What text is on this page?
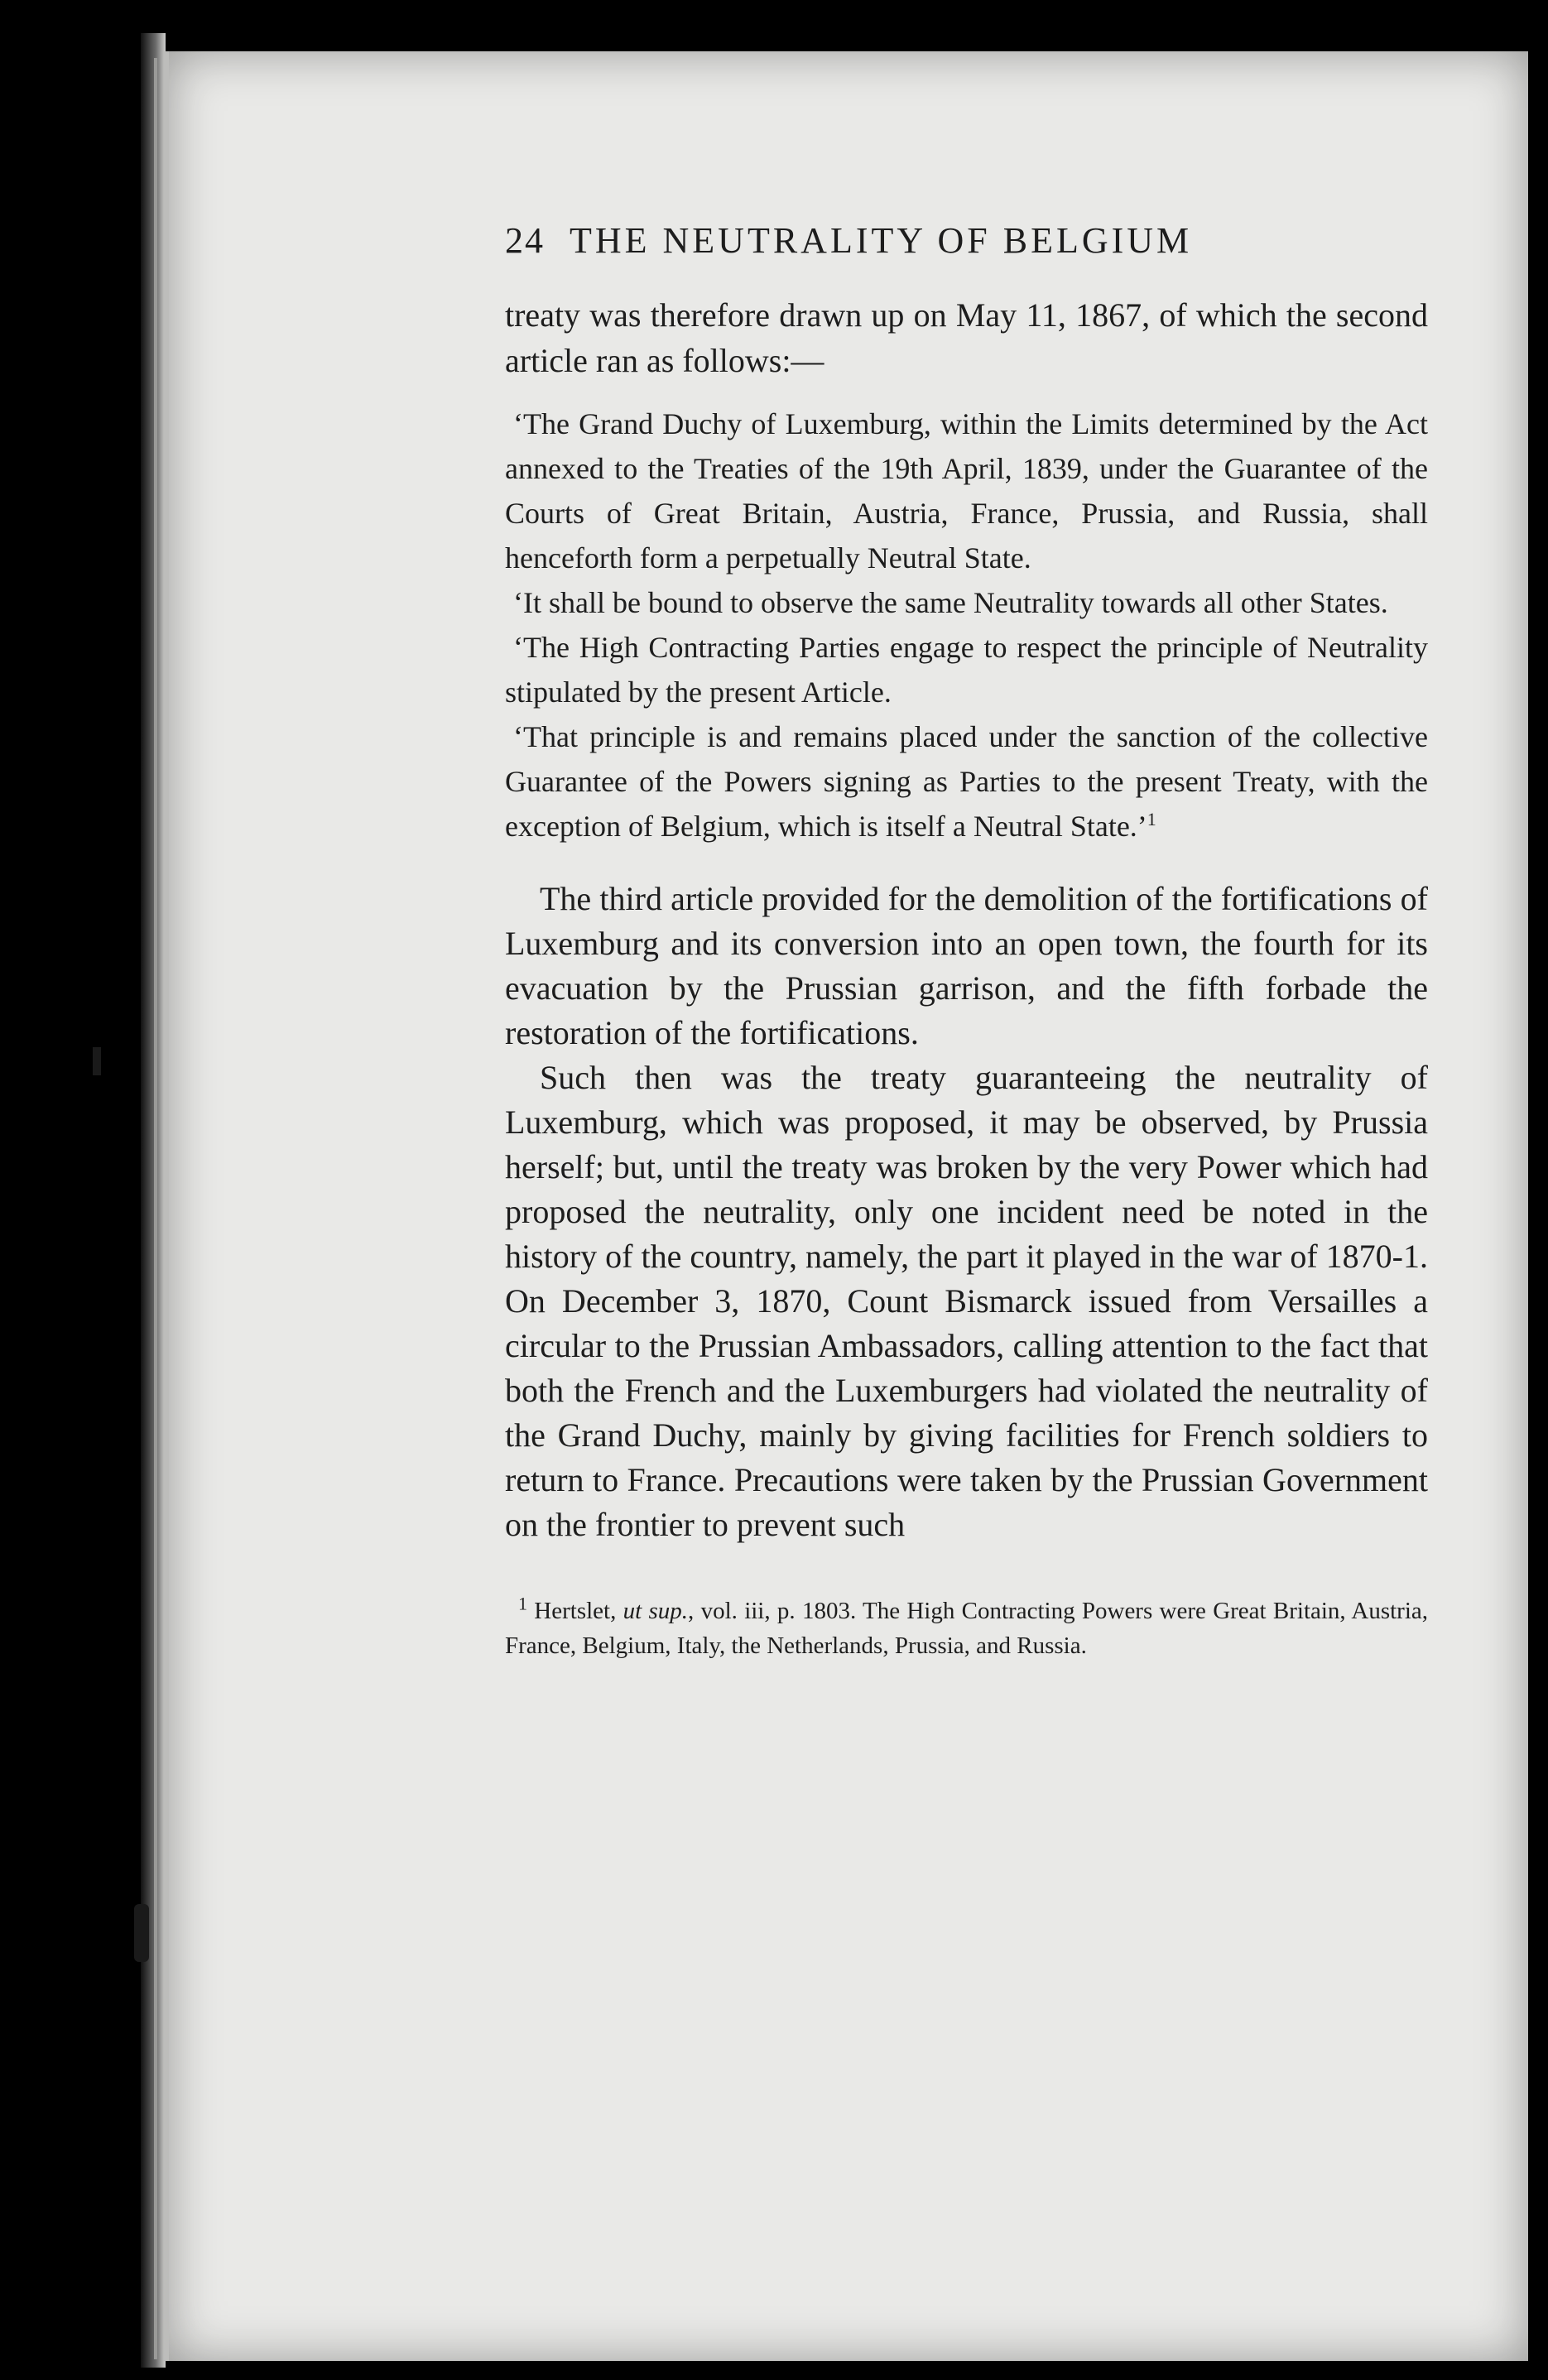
24 THE NEUTRALITY OF BELGIUM

treaty was therefore drawn up on May 11, 1867, of which the second article ran as follows:—

‘The Grand Duchy of Luxemburg, within the Limits determined by the Act annexed to the Treaties of the 19th April, 1839, under the Guarantee of the Courts of Great Britain, Austria, France, Prussia, and Russia, shall henceforth form a perpetually Neutral State.

‘It shall be bound to observe the same Neutrality towards all other States.

‘The High Contracting Parties engage to respect the principle of Neutrality stipulated by the present Article.

‘That principle is and remains placed under the sanction of the collective Guarantee of the Powers signing as Parties to the present Treaty, with the exception of Belgium, which is itself a Neutral State.’$^1$

The third article provided for the demolition of the fortifications of Luxemburg and its conversion into an open town, the fourth for its evacuation by the Prussian garrison, and the fifth forbade the restoration of the fortifications.

Such then was the treaty guaranteeing the neutrality of Luxemburg, which was proposed, it may be observed, by Prussia herself; but, until the treaty was broken by the very Power which had proposed the neutrality, only one incident need be noted in the history of the country, namely, the part it played in the war of 1870-1. On December 3, 1870, Count Bismarck issued from Versailles a circular to the Prussian Ambassadors, calling attention to the fact that both the French and the Luxemburgers had violated the neutrality of the Grand Duchy, mainly by giving facilities for French soldiers to return to France. Precautions were taken by the Prussian Government on the frontier to prevent such

$^1$ Hertslet, ut sup., vol. iii, p. 1803. The High Contracting Powers were Great Britain, Austria, France, Belgium, Italy, the Netherlands, Prussia, and Russia.
